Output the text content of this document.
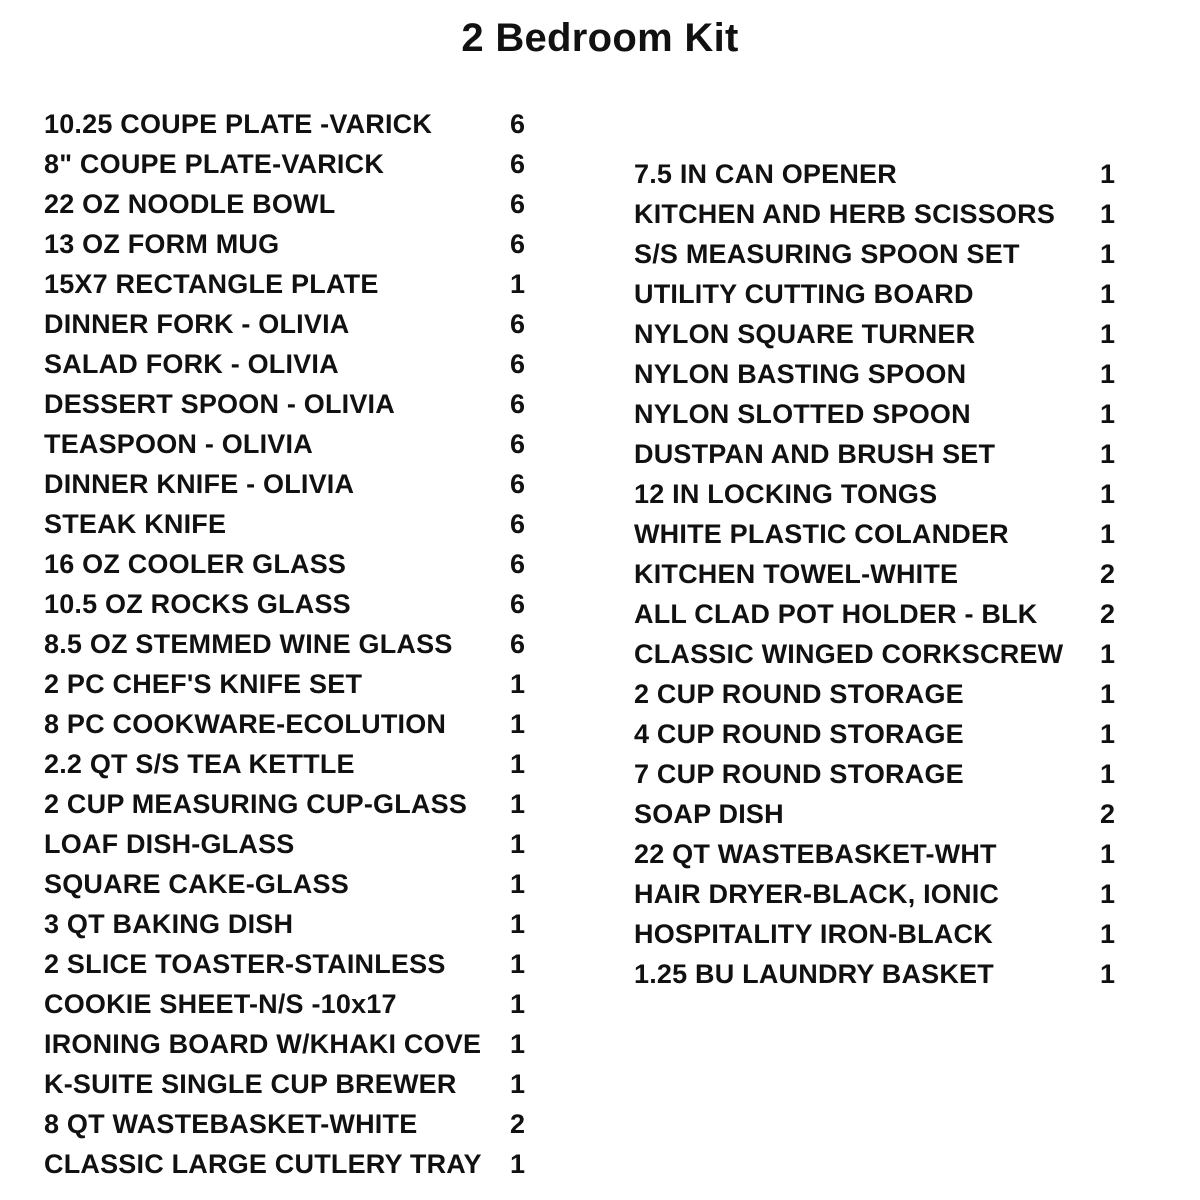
2 Bedroom Kit
10.25 COUPE PLATE -VARICK	6
8" COUPE PLATE-VARICK	6
22 OZ NOODLE BOWL	6
13 OZ FORM MUG	6
15X7 RECTANGLE PLATE	1
DINNER FORK - OLIVIA	6
SALAD FORK - OLIVIA	6
DESSERT SPOON - OLIVIA	6
TEASPOON - OLIVIA	6
DINNER KNIFE - OLIVIA	6
STEAK KNIFE	6
16 OZ COOLER GLASS	6
10.5 OZ ROCKS GLASS	6
8.5 OZ STEMMED WINE GLASS 6
2 PC CHEF'S KNIFE SET	1
8 PC COOKWARE-ECOLUTION 1
2.2 QT S/S TEA KETTLE	1
2 CUP MEASURING CUP-GLASS 1
LOAF DISH-GLASS	1
SQUARE CAKE-GLASS	1
3 QT BAKING DISH	1
2 SLICE TOASTER-STAINLESS 1
COOKIE SHEET-N/S -10x17	1
IRONING BOARD W/KHAKI COVE 1
K-SUITE SINGLE CUP BREWER 1
8 QT WASTEBASKET-WHITE	2
CLASSIC LARGE CUTLERY TRAY 1
7.5 IN CAN OPENER	1
KITCHEN AND HERB SCISSORS 1
S/S MEASURING SPOON SET	1
UTILITY CUTTING BOARD	1
NYLON SQUARE TURNER	1
NYLON BASTING SPOON	1
NYLON SLOTTED SPOON	1
DUSTPAN AND BRUSH SET	1
12 IN LOCKING TONGS	1
WHITE PLASTIC COLANDER	1
KITCHEN TOWEL-WHITE	2
ALL CLAD POT HOLDER - BLK 2
CLASSIC WINGED CORKSCREW 1
2 CUP ROUND STORAGE	1
4 CUP ROUND STORAGE	1
7 CUP ROUND STORAGE	1
SOAP DISH	2
22 QT WASTEBASKET-WHT	1
HAIR DRYER-BLACK, IONIC	1
HOSPITALITY IRON-BLACK	1
1.25 BU LAUNDRY BASKET	1
